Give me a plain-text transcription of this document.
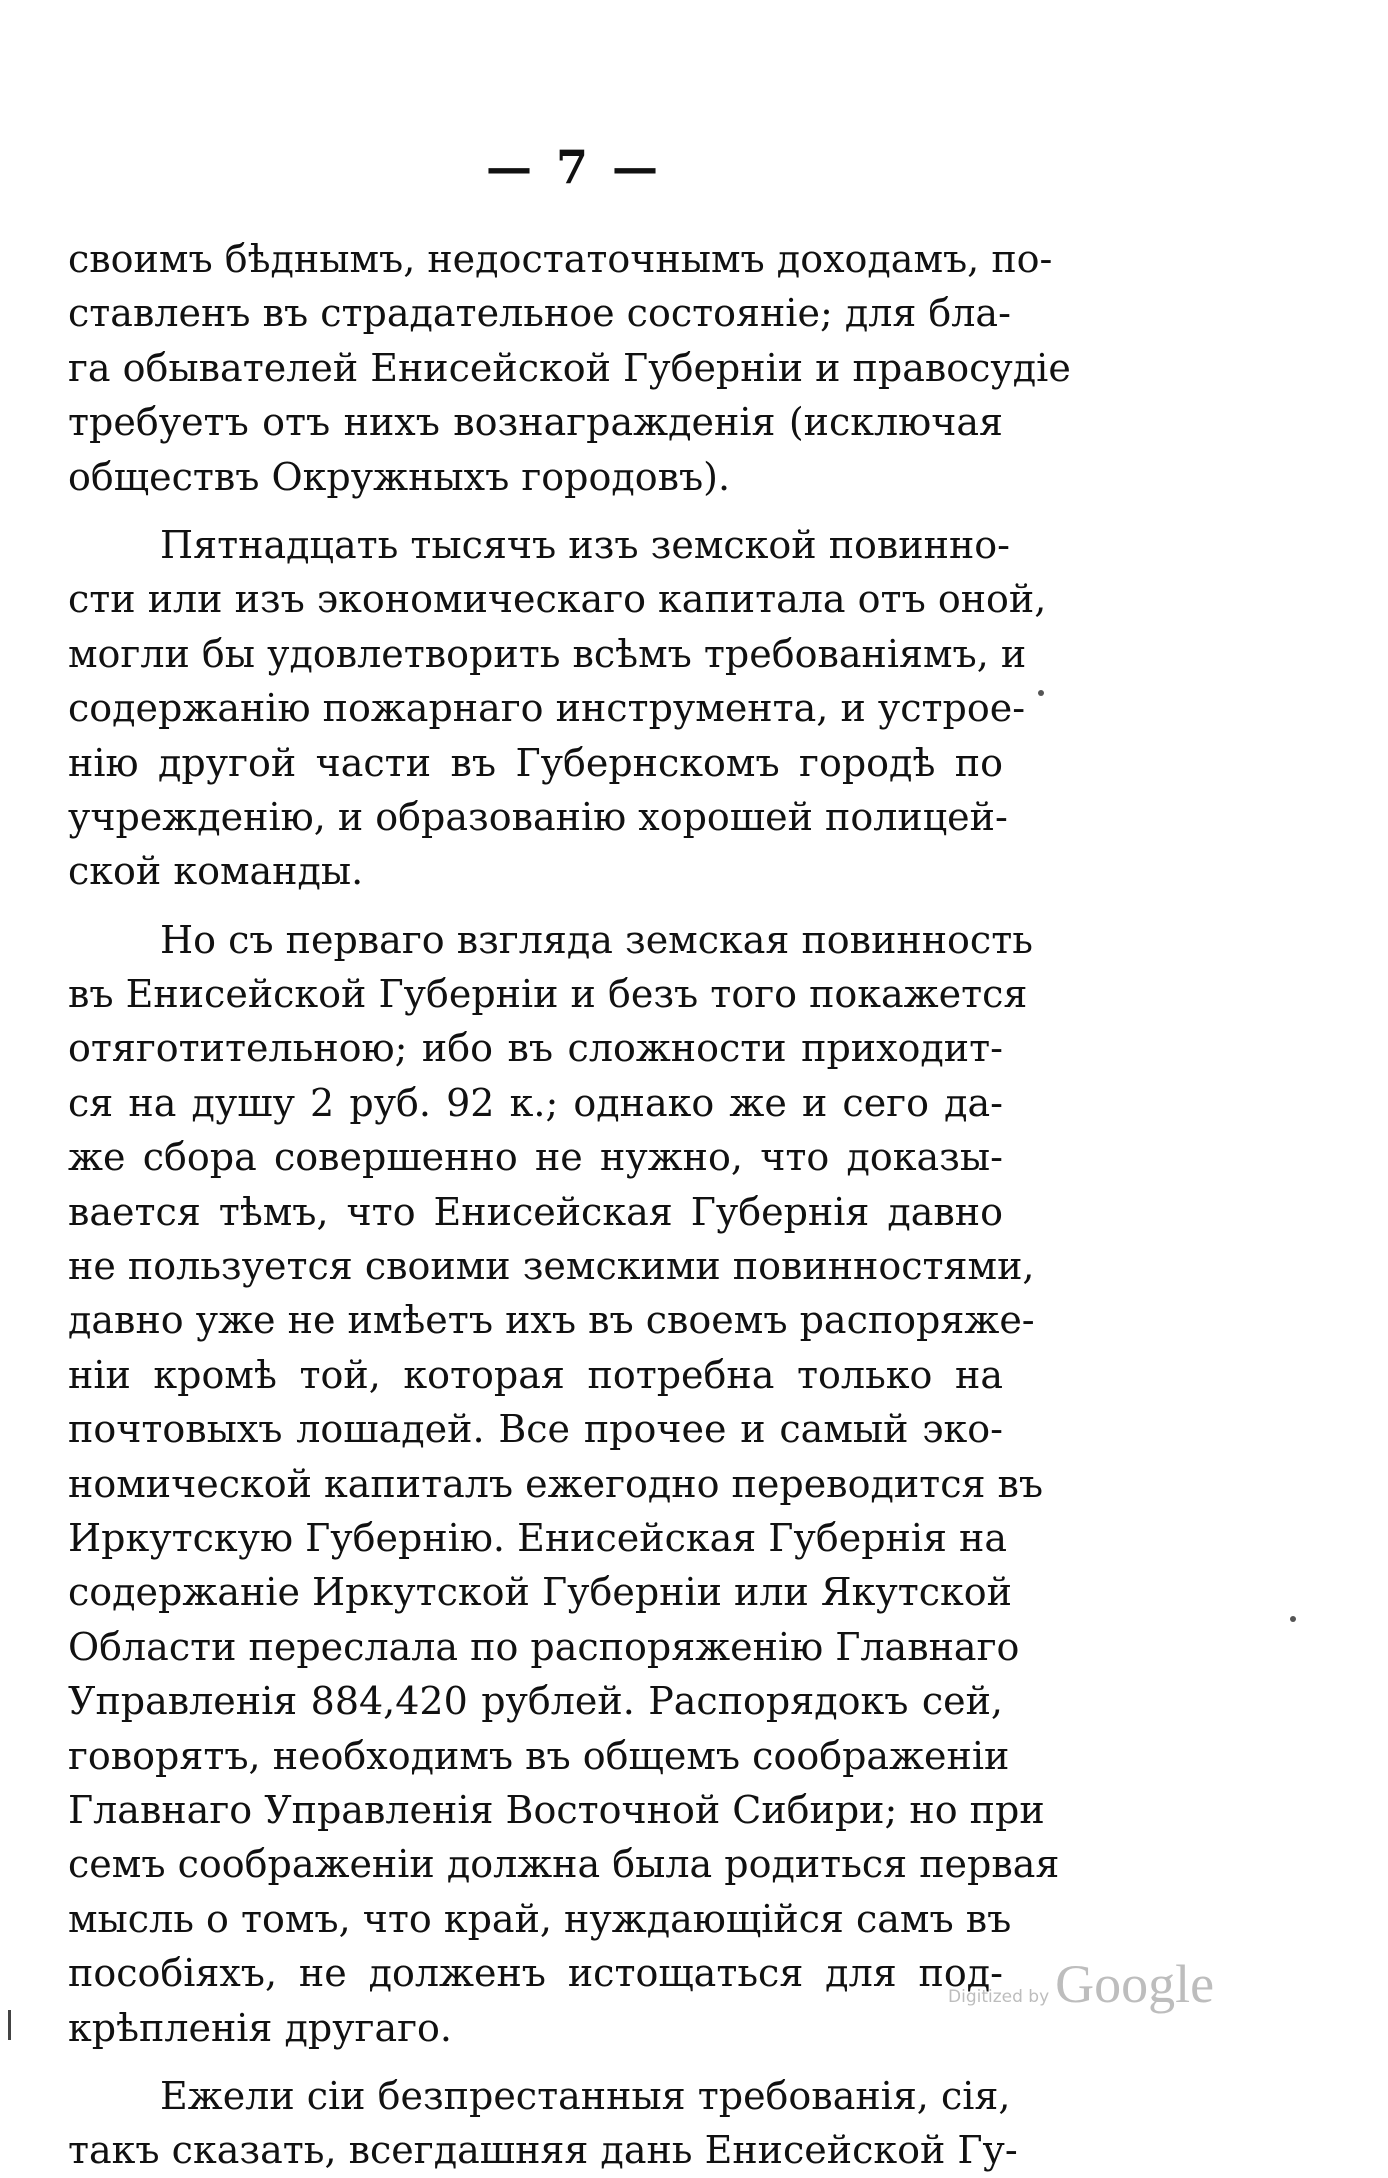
— 7 —
своимъ бѣднымъ, недостаточнымъ доходамъ, по-
ставленъ въ страдательное состояніе; для бла-
га обывателей Енисейской Губерніи и правосудіе
требуетъ отъ нихъ вознагражденія (исключая
обществъ Окружныхъ городовъ).
Пятнадцать тысячъ изъ земской повинно-
сти или изъ экономическаго капитала отъ оной,
могли бы удовлетворить всѣмъ требованіямъ, и
содержанію пожарнаго инструмента, и устрое-
нію другой части въ Губернскомъ городѣ по
учрежденію, и образованію хорошей полицей-
ской команды.
Но съ перваго взгляда земская повинность
въ Енисейской Губерніи и безъ того покажется
отяготительною; ибо въ сложности приходит-
ся на душу 2 руб. 92 к.; однако же и сего да-
же сбора совершенно не нужно, что доказы-
вается тѣмъ, что Енисейская Губернія давно
не пользуется своими земскими повинностями,
давно уже не имѣетъ ихъ въ своемъ распоряже-
ніи кромѣ той, которая потребна только на
почтовыхъ лошадей. Все прочее и самый эко-
номической капиталъ ежегодно переводится въ
Иркутскую Губернію. Енисейская Губернія на
содержаніе Иркутской Губерніи или Якутской
Области переслала по распоряженію Главнаго
Управленія 884,420 рублей. Распорядокъ сей,
говорятъ, необходимъ въ общемъ соображеніи
Главнаго Управленія Восточной Сибири; но при
семъ соображеніи должна была родиться первая
мысль о томъ, что край, нуждающійся самъ въ
пособіяхъ, не долженъ истощаться для под-
крѣпленія другаго.
Ежели сіи безпрестанныя требованія, сія,
такъ сказать, всегдашняя дань Енисейской Гу-
Digitized by Google
